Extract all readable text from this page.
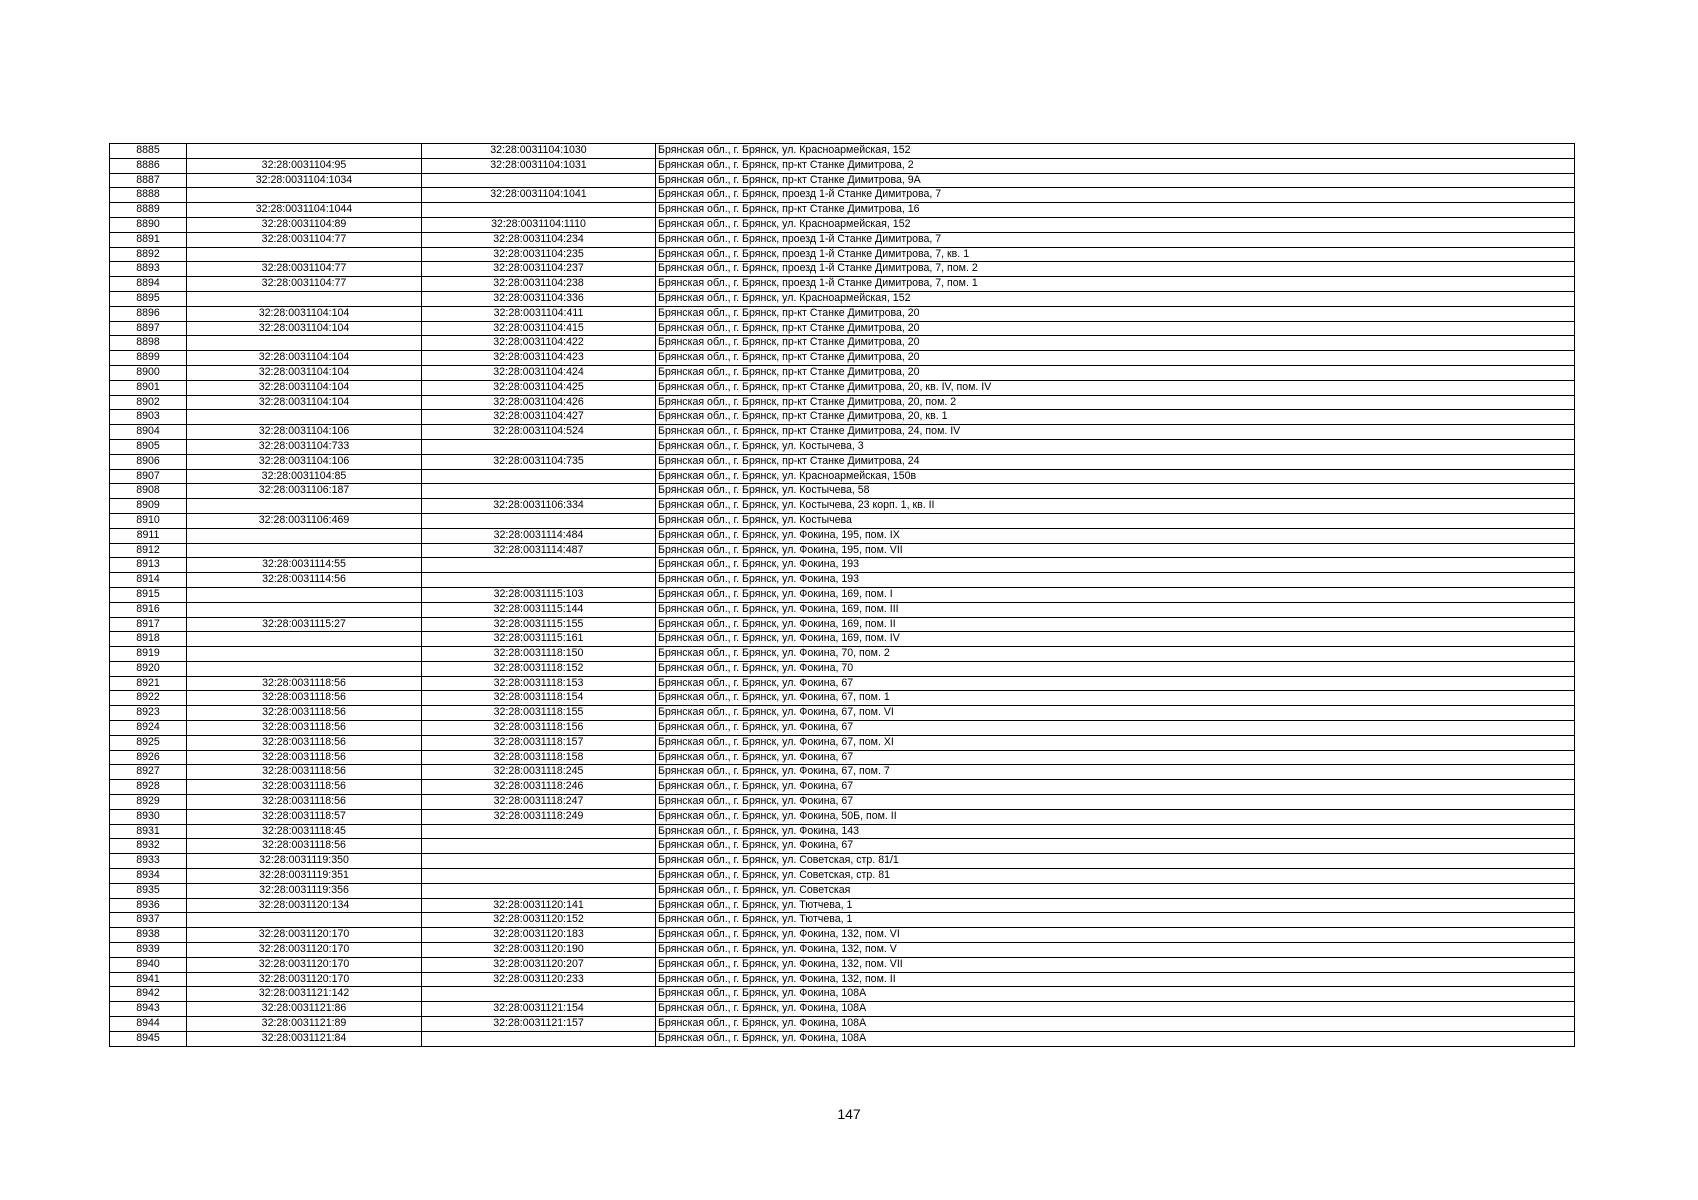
8885		32:28:0031104:1030	Брянская обл., г. Брянск, ул. Красноармейская, 152
8886	32:28:0031104:95	32:28:0031104:1031	Брянская обл., г. Брянск, пр-кт Станке Димитрова, 2
8887	32:28:0031104:1034		Брянская обл., г. Брянск, пр-кт Станке Димитрова, 9А
8888		32:28:0031104:1041	Брянская обл., г. Брянск, проезд 1-й Станке Димитрова, 7
8889	32:28:0031104:1044		Брянская обл., г. Брянск, пр-кт Станке Димитрова, 16
8890	32:28:0031104:89	32:28:0031104:1110	Брянская обл., г. Брянск, ул. Красноармейская, 152
8891	32:28:0031104:77	32:28:0031104:234	Брянская обл., г. Брянск, проезд 1-й Станке Димитрова, 7
8892		32:28:0031104:235	Брянская обл., г. Брянск, проезд 1-й Станке Димитрова, 7, кв. 1
8893	32:28:0031104:77	32:28:0031104:237	Брянская обл., г. Брянск, проезд 1-й Станке Димитрова, 7, пом. 2
8894	32:28:0031104:77	32:28:0031104:238	Брянская обл., г. Брянск, проезд 1-й Станке Димитрова, 7, пом. 1
8895		32:28:0031104:336	Брянская обл., г. Брянск, ул. Красноармейская, 152
8896	32:28:0031104:104	32:28:0031104:411	Брянская обл., г. Брянск, пр-кт Станке Димитрова, 20
8897	32:28:0031104:104	32:28:0031104:415	Брянская обл., г. Брянск, пр-кт Станке Димитрова, 20
8898		32:28:0031104:422	Брянская обл., г. Брянск, пр-кт Станке Димитрова, 20
8899	32:28:0031104:104	32:28:0031104:423	Брянская обл., г. Брянск, пр-кт Станке Димитрова, 20
8900	32:28:0031104:104	32:28:0031104:424	Брянская обл., г. Брянск, пр-кт Станке Димитрова, 20
8901	32:28:0031104:104	32:28:0031104:425	Брянская обл., г. Брянск, пр-кт Станке Димитрова, 20, кв. IV, пом. IV
8902	32:28:0031104:104	32:28:0031104:426	Брянская обл., г. Брянск, пр-кт Станке Димитрова, 20, пом. 2
8903		32:28:0031104:427	Брянская обл., г. Брянск, пр-кт Станке Димитрова, 20, кв. 1
8904	32:28:0031104:106	32:28:0031104:524	Брянская обл., г. Брянск, пр-кт Станке Димитрова, 24, пом. IV
8905	32:28:0031104:733		Брянская обл., г. Брянск, ул. Костычева, 3
8906	32:28:0031104:106	32:28:0031104:735	Брянская обл., г. Брянск, пр-кт Станке Димитрова, 24
8907	32:28:0031104:85		Брянская обл., г. Брянск, ул. Красноармейская, 150в
8908	32:28:0031106:187		Брянская обл., г. Брянск, ул. Костычева, 58
8909		32:28:0031106:334	Брянская обл., г. Брянск, ул. Костычева, 23 корп. 1, кв. II
8910	32:28:0031106:469		Брянская обл., г. Брянск, ул. Костычева
8911		32:28:0031114:484	Брянская обл., г. Брянск, ул. Фокина, 195, пом. IX
8912		32:28:0031114:487	Брянская обл., г. Брянск, ул. Фокина, 195, пом. VII
8913	32:28:0031114:55		Брянская обл., г. Брянск, ул. Фокина, 193
8914	32:28:0031114:56		Брянская обл., г. Брянск, ул. Фокина, 193
8915		32:28:0031115:103	Брянская обл., г. Брянск, ул. Фокина, 169, пом. I
8916		32:28:0031115:144	Брянская обл., г. Брянск, ул. Фокина, 169, пом. III
8917	32:28:0031115:27	32:28:0031115:155	Брянская обл., г. Брянск, ул. Фокина, 169, пом. II
8918		32:28:0031115:161	Брянская обл., г. Брянск, ул. Фокина, 169, пом. IV
8919		32:28:0031118:150	Брянская обл., г. Брянск, ул. Фокина, 70, пом. 2
8920		32:28:0031118:152	Брянская обл., г. Брянск, ул. Фокина, 70
8921	32:28:0031118:56	32:28:0031118:153	Брянская обл., г. Брянск, ул. Фокина, 67
8922	32:28:0031118:56	32:28:0031118:154	Брянская обл., г. Брянск, ул. Фокина, 67, пом. 1
8923	32:28:0031118:56	32:28:0031118:155	Брянская обл., г. Брянск, ул. Фокина, 67, пом. VI
8924	32:28:0031118:56	32:28:0031118:156	Брянская обл., г. Брянск, ул. Фокина, 67
8925	32:28:0031118:56	32:28:0031118:157	Брянская обл., г. Брянск, ул. Фокина, 67, пом. XI
8926	32:28:0031118:56	32:28:0031118:158	Брянская обл., г. Брянск, ул. Фокина, 67
8927	32:28:0031118:56	32:28:0031118:245	Брянская обл., г. Брянск, ул. Фокина, 67, пом. 7
8928	32:28:0031118:56	32:28:0031118:246	Брянская обл., г. Брянск, ул. Фокина, 67
8929	32:28:0031118:56	32:28:0031118:247	Брянская обл., г. Брянск, ул. Фокина, 67
8930	32:28:0031118:57	32:28:0031118:249	Брянская обл., г. Брянск, ул. Фокина, 50Б, пом. II
8931	32:28:0031118:45		Брянская обл., г. Брянск, ул. Фокина, 143
8932	32:28:0031118:56		Брянская обл., г. Брянск, ул. Фокина, 67
8933	32:28:0031119:350		Брянская обл., г. Брянск, ул. Советская, стр. 81/1
8934	32:28:0031119:351		Брянская обл., г. Брянск, ул. Советская, стр. 81
8935	32:28:0031119:356		Брянская обл., г. Брянск, ул. Советская
8936	32:28:0031120:134	32:28:0031120:141	Брянская обл., г. Брянск, ул. Тютчева, 1
8937		32:28:0031120:152	Брянская обл., г. Брянск, ул. Тютчева, 1
8938	32:28:0031120:170	32:28:0031120:183	Брянская обл., г. Брянск, ул. Фокина, 132, пом. VI
8939	32:28:0031120:170	32:28:0031120:190	Брянская обл., г. Брянск, ул. Фокина, 132, пом. V
8940	32:28:0031120:170	32:28:0031120:207	Брянская обл., г. Брянск, ул. Фокина, 132, пом. VII
8941	32:28:0031120:170	32:28:0031120:233	Брянская обл., г. Брянск, ул. Фокина, 132, пом. II
8942	32:28:0031121:142		Брянская обл., г. Брянск, ул. Фокина, 108А
8943	32:28:0031121:86	32:28:0031121:154	Брянская обл., г. Брянск, ул. Фокина, 108А
8944	32:28:0031121:89	32:28:0031121:157	Брянская обл., г. Брянск, ул. Фокина, 108А
8945	32:28:0031121:84		Брянская обл., г. Брянск, ул. Фокина, 108А
147
